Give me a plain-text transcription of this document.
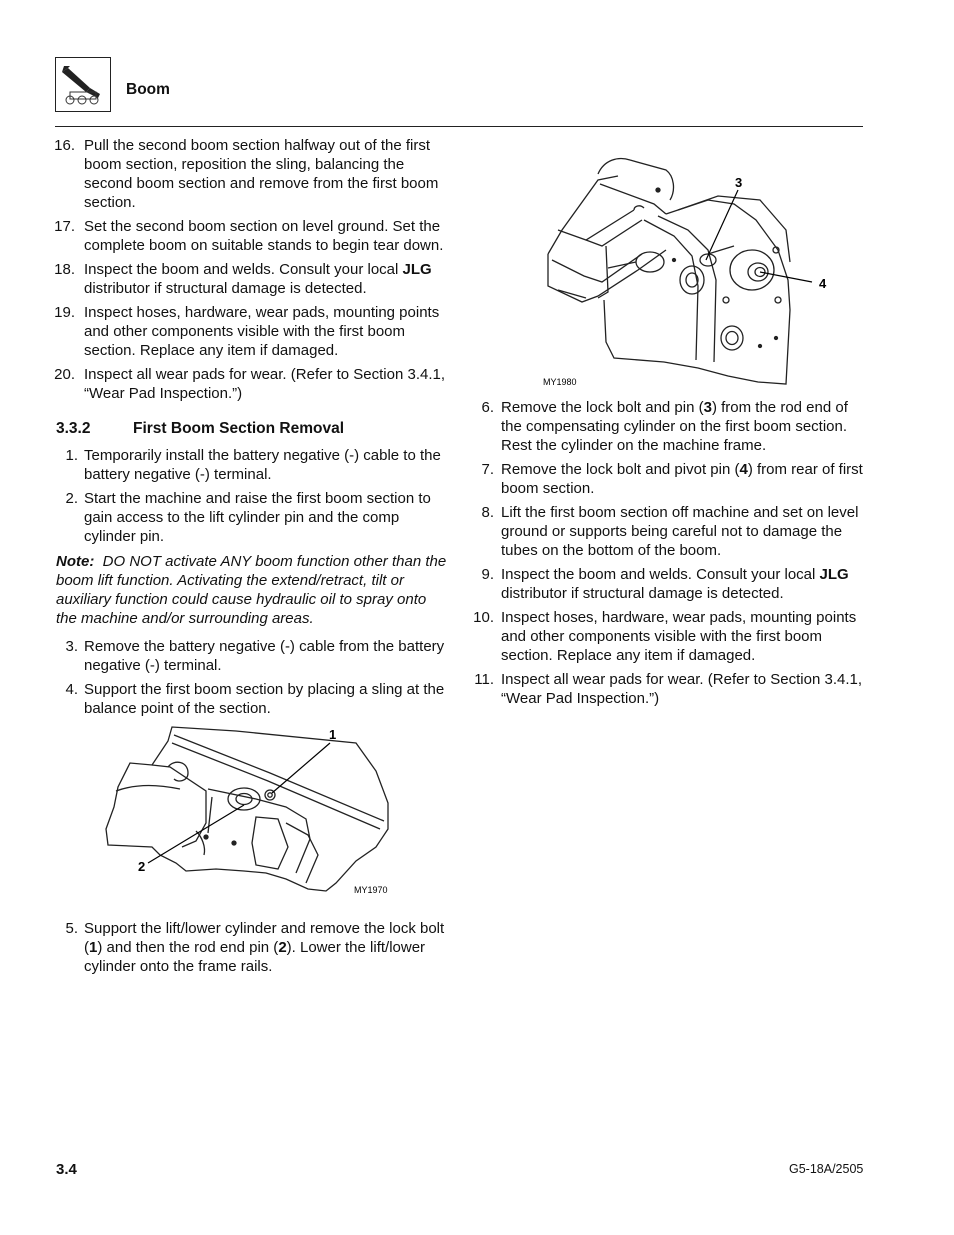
Boom
16. Pull the second boom section halfway out of the first boom section, reposition the sling, balancing the second boom section and remove from the first boom section.
17. Set the second boom section on level ground. Set the complete boom on suitable stands to begin tear down.
18. Inspect the boom and welds. Consult your local JLG distributor if structural damage is detected.
19. Inspect hoses, hardware, wear pads, mounting points and other components visible with the first boom section. Replace any item if damaged.
20. Inspect all wear pads for wear. (Refer to Section 3.4.1, “Wear Pad Inspection.”)
3.3.2	First Boom Section Removal
1. Temporarily install the battery negative (-) cable to the battery negative (-) terminal.
2. Start the machine and raise the first boom section to gain access to the lift cylinder pin and the comp cylinder pin.
Note: DO NOT activate ANY boom function other than the boom lift function. Activating the extend/retract, tilt or auxiliary function could cause hydraulic oil to spray onto the machine and/or surrounding areas.
3. Remove the battery negative (-) cable from the battery negative (-) terminal.
4. Support the first boom section by placing a sling at the balance point of the section.
1
2
MY1970
5. Support the lift/lower cylinder and remove the lock bolt (1) and then the rod end pin (2). Lower the lift/lower cylinder onto the frame rails.
3
4
MY1980
6. Remove the lock bolt and pin (3) from the rod end of the compensating cylinder on the first boom section. Rest the cylinder on the machine frame.
7. Remove the lock bolt and pivot pin (4) from rear of first boom section.
8. Lift the first boom section off machine and set on level ground or supports being careful not to damage the tubes on the bottom of the boom.
9. Inspect the boom and welds. Consult your local JLG distributor if structural damage is detected.
10. Inspect hoses, hardware, wear pads, mounting points and other components visible with the first boom section. Replace any item if damaged.
11. Inspect all wear pads for wear. (Refer to Section 3.4.1, “Wear Pad Inspection.”)
3.4	G5-18A/2505
